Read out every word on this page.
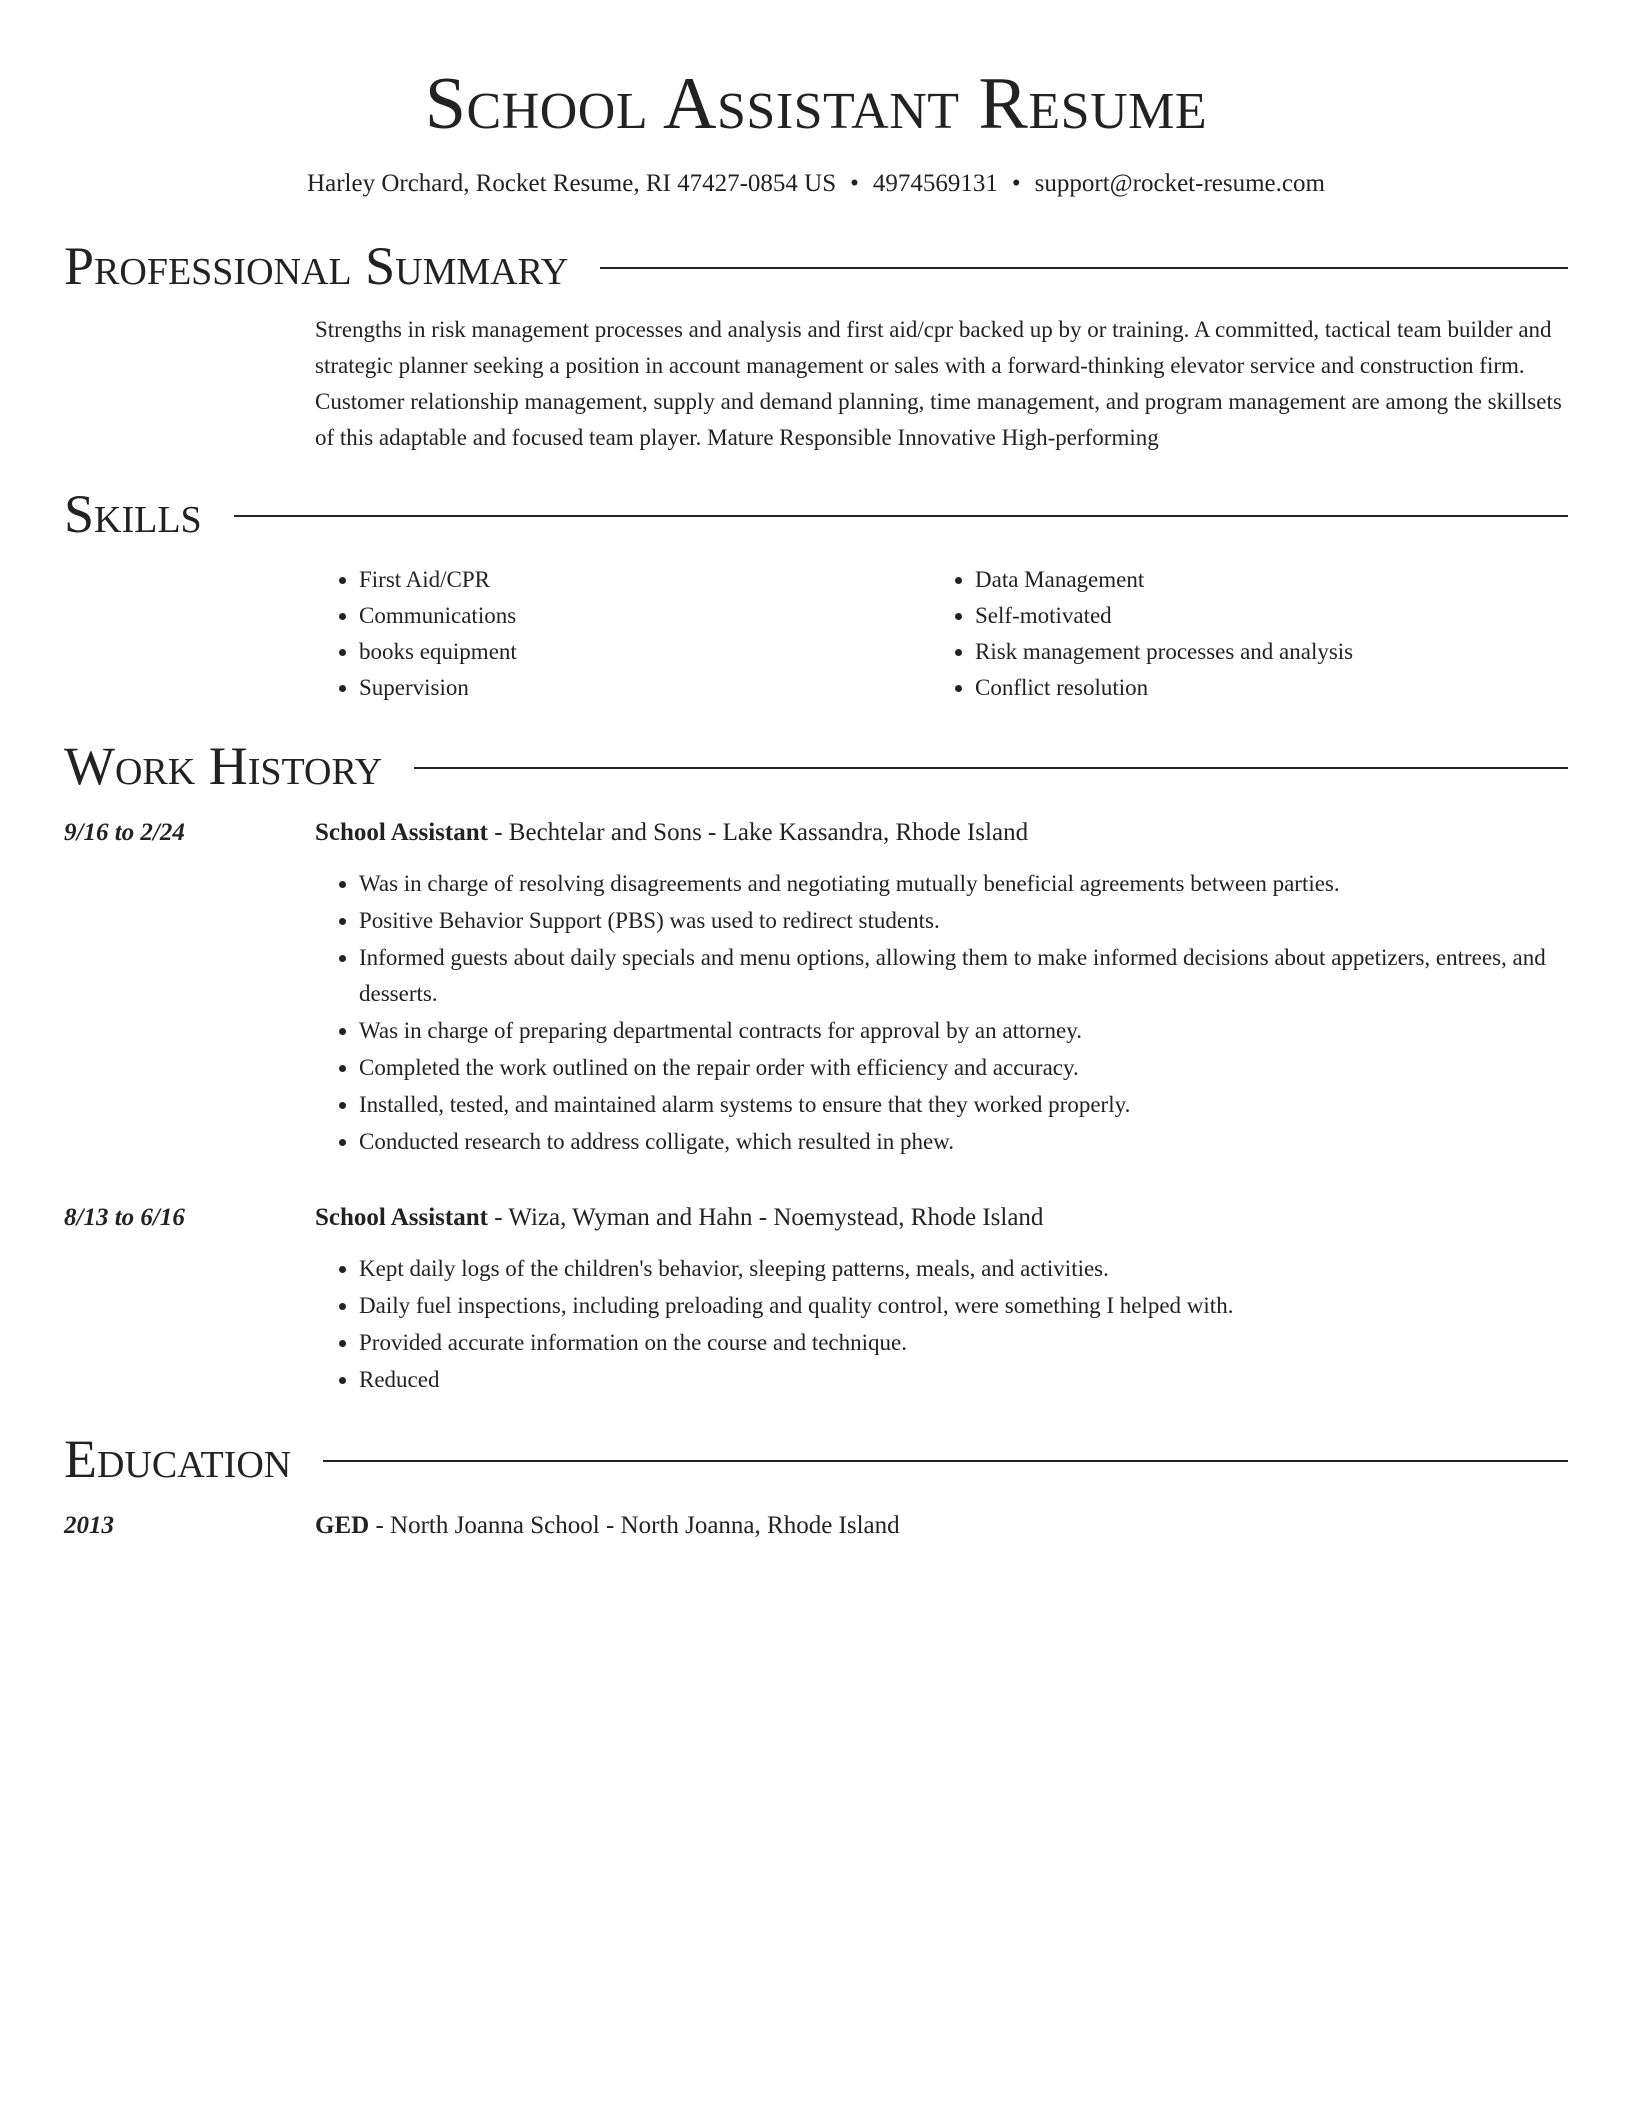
School Assistant Resume
Harley Orchard, Rocket Resume, RI 47427-0854 US • 4974569131 • support@rocket-resume.com
Professional Summary
Strengths in risk management processes and analysis and first aid/cpr backed up by or training. A committed, tactical team builder and strategic planner seeking a position in account management or sales with a forward-thinking elevator service and construction firm. Customer relationship management, supply and demand planning, time management, and program management are among the skillsets of this adaptable and focused team player. Mature Responsible Innovative High-performing
Skills
• First Aid/CPR
• Communications
• books equipment
• Supervision
• Data Management
• Self-motivated
• Risk management processes and analysis
• Conflict resolution
Work History
9/16 to 2/24	School Assistant - Bechtelar and Sons - Lake Kassandra, Rhode Island
• Was in charge of resolving disagreements and negotiating mutually beneficial agreements between parties.
• Positive Behavior Support (PBS) was used to redirect students.
• Informed guests about daily specials and menu options, allowing them to make informed decisions about appetizers, entrees, and desserts.
• Was in charge of preparing departmental contracts for approval by an attorney.
• Completed the work outlined on the repair order with efficiency and accuracy.
• Installed, tested, and maintained alarm systems to ensure that they worked properly.
• Conducted research to address colligate, which resulted in phew.
8/13 to 6/16	School Assistant - Wiza, Wyman and Hahn - Noemystead, Rhode Island
• Kept daily logs of the children's behavior, sleeping patterns, meals, and activities.
• Daily fuel inspections, including preloading and quality control, were something I helped with.
• Provided accurate information on the course and technique.
• Reduced
Education
2013	GED - North Joanna School - North Joanna, Rhode Island
